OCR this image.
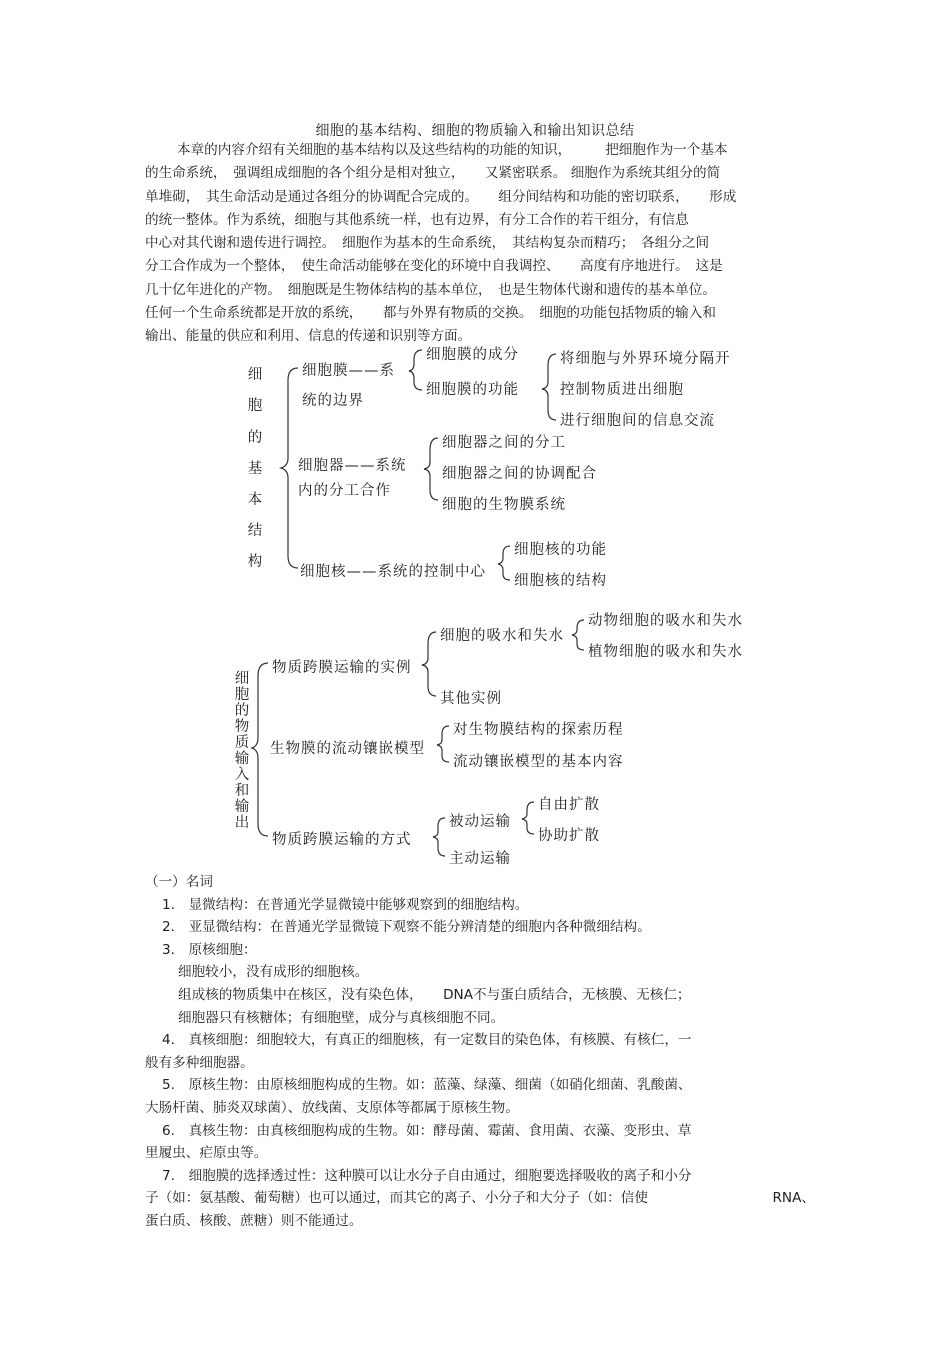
细胞的基本结构、细胞的物质输入和输出知识总结

本章的内容介绍有关细胞的基本结构以及这些结构的功能的知识，　　　把细胞作为一个基本

的生命系统，　强调组成细胞的各个组分是相对独立，　　又紧密联系。 细胞作为系统其组分的简

单堆砌，　其生命活动是通过各组分的协调配合完成的。　　组分间结构和功能的密切联系，　　形成

的统一整体。作为系统，细胞与其他系统一样，也有边界，有分工合作的若干组分，有信息

中心对其代谢和遗传进行调控。　细胞作为基本的生命系统，　其结构复杂而精巧；　各组分之间

分工合作成为一个整体，　使生命活动能够在变化的环境中自我调控、　　高度有序地进行。　这是

几十亿年进化的产物。　细胞既是生物体结构的基本单位，　也是生物体代谢和遗传的基本单位。

任何一个生命系统都是开放的系统，　　都与外界有物质的交换。　细胞的功能包括物质的输入和

输出、能量的供应和利用、信息的传递和识别等方面。

细
胞
的
基
本
结
构
细胞膜——系
统的边界
细胞膜的成分
细胞膜的功能
将细胞与外界环境分隔开
控制物质进出细胞
进行细胞间的信息交流
细胞器——系统
内的分工合作
细胞器之间的分工
细胞器之间的协调配合
细胞的生物膜系统
细胞核——系统的控制中心
细胞核的功能
细胞核的结构
细
胞
的
物
质
输
入
和
输
出
物质跨膜运输的实例
细胞的吸水和失水
动物细胞的吸水和失水
植物细胞的吸水和失水
其他实例
生物膜的流动镶嵌模型
对生物膜结构的探索历程
流动镶嵌模型的基本内容
物质跨膜运输的方式
被动运输
自由扩散
协助扩散
主动运输

（一）名词

1.　显微结构：在普通光学显微镜中能够观察到的细胞结构。

2.　亚显微结构：在普通光学显微镜下观察不能分辨清楚的细胞内各种微细结构。

3.　原核细胞：

细胞较小，没有成形的细胞核。

组成核的物质集中在核区，没有染色体，　　DNA不与蛋白质结合，无核膜、无核仁；

细胞器只有核糖体；有细胞壁，成分与真核细胞不同。

4.　真核细胞：细胞较大，有真正的细胞核，有一定数目的染色体，有核膜、有核仁，一

般有多种细胞器。

5.　原核生物：由原核细胞构成的生物。如：蓝藻、绿藻、细菌（如硝化细菌、乳酸菌、

大肠杆菌、肺炎双球菌）、放线菌、支原体等都属于原核生物。

6.　真核生物：由真核细胞构成的生物。如：酵母菌、霉菌、食用菌、衣藻、变形虫、草

里履虫、疟原虫等。

7.　细胞膜的选择透过性：这种膜可以让水分子自由通过，细胞要选择吸收的离子和小分

子（如：氨基酸、葡萄糖）也可以通过，而其它的离子、小分子和大分子（如：信使	RNA、

蛋白质、核酸、蔗糖）则不能通过。
